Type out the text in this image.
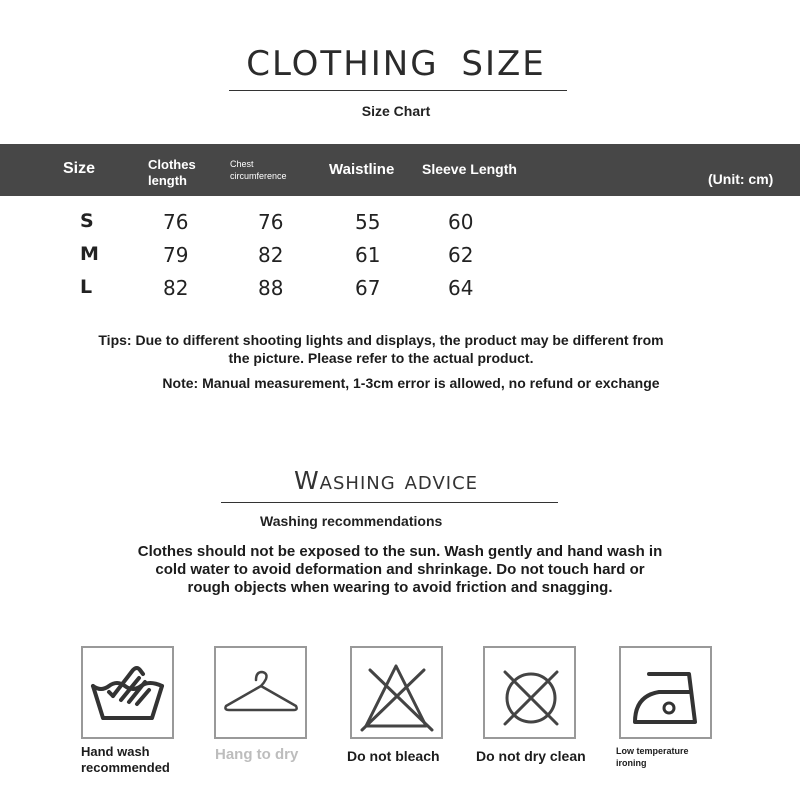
CLOTHING SIZE
Size Chart
Size	Clothes
length
Chest
circumference	Waistline Sleeve Length
(Unit: cm)
S	76	76	55	60
M	79	82	61	62
L	82	88	67	64
Tips: Due to different shooting lights and displays, the product may be different from
the picture. Please refer to the actual product.
Note: Manual measurement, 1-3cm error is allowed, no refund or exchange
Washing advice
Washing recommendations
Clothes should not be exposed to the sun. Wash gently and hand wash in
cold water to avoid deformation and shrinkage. Do not touch hard or
rough objects when wearing to avoid friction and snagging.
Hand wash
recommended
Hang to dry	Do not bleach	Do not dry clean	Low temperature
ironing
